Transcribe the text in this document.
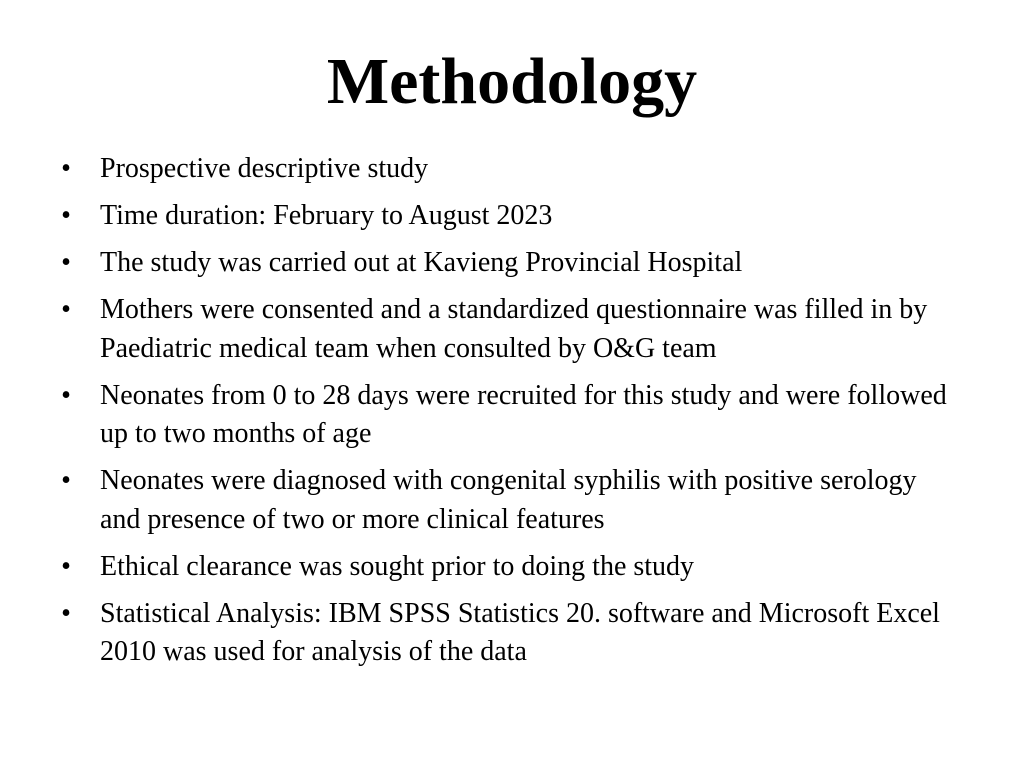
Methodology
• Prospective descriptive study
• Time duration: February to August 2023
• The study was carried out at Kavieng Provincial Hospital
• Mothers were consented and a standardized questionnaire was filled in by Paediatric medical team when consulted by O&G team
• Neonates from 0 to 28 days were recruited for this study and were followed up to two months of age
• Neonates were diagnosed with congenital syphilis with positive serology and presence of two or more clinical features
• Ethical clearance was sought prior to doing the study
• Statistical Analysis: IBM SPSS Statistics 20. software and Microsoft Excel 2010 was used for analysis of the data
